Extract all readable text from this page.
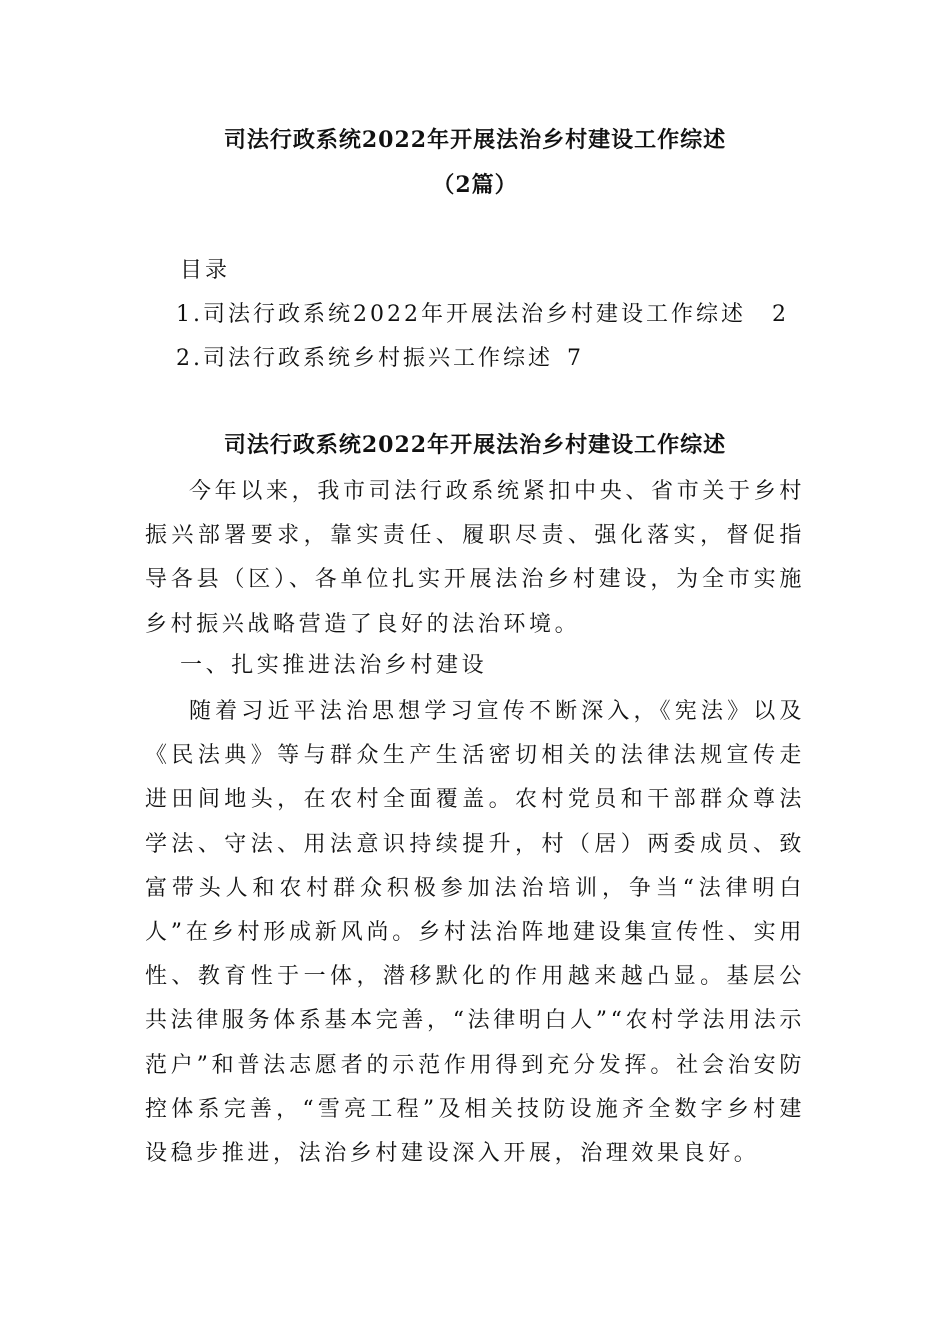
司法行政系统2022年开展法治乡村建设工作综述
（2篇）
目录
1.司法行政系统2022年开展法治乡村建设工作综述 2
2.司法行政系统乡村振兴工作综述 7
司法行政系统2022年开展法治乡村建设工作综述

今年以来，我市司法行政系统紧扣中央、省市关于乡村振兴部署要求，靠实责任、履职尽责、强化落实，督促指导各县（区）、各单位扎实开展法治乡村建设，为全市实施乡村振兴战略营造了良好的法治环境。

一、扎实推进法治乡村建设

随着习近平法治思想学习宣传不断深入，《宪法》以及《民法典》等与群众生产生活密切相关的法律法规宣传走进田间地头，在农村全面覆盖。农村党员和干部群众尊法学法、守法、用法意识持续提升，村（居）两委成员、致富带头人和农村群众积极参加法治培训，争当“法律明白人”在乡村形成新风尚。乡村法治阵地建设集宣传性、实用性、教育性于一体，潜移默化的作用越来越凸显。基层公共法律服务体系基本完善，“法律明白人”“农村学法用法示范户”和普法志愿者的示范作用得到充分发挥。社会治安防控体系完善，“雪亮工程”及相关技防设施齐全数字乡村建设稳步推进，法治乡村建设深入开展，治理效果良好。
